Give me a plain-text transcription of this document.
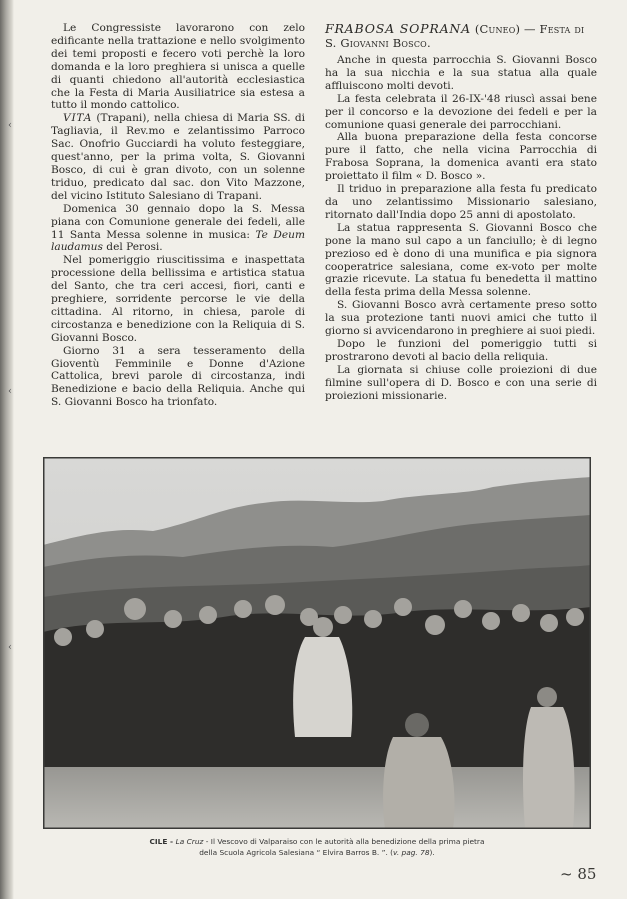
‹
‹
‹

Le Congressiste lavorarono con zelo edificante nella trattazione e nello svolgimento dei temi proposti e fecero voti perchè la loro domanda e la loro preghiera si unisca a quelle di quanti chiedono all'autorità ecclesiastica che la Festa di Maria Ausiliatrice sia estesa a tutto il mondo cattolico.

VITA (Trapani), nella chiesa di Maria SS. di Tagliavia, il Rev.mo e zelantissimo Parroco Sac. Onofrio Gucciardi ha voluto festeggiare, quest'anno, per la prima volta, S. Giovanni Bosco, di cui è gran divoto, con un solenne triduo, predicato dal sac. don Vito Mazzone, del vicino Istituto Salesiano di Trapani.

Domenica 30 gennaio dopo la S. Messa piana con Comunione generale dei fedeli, alle 11 Santa Messa solenne in musica: Te Deum laudamus del Perosi.

Nel pomeriggio riuscitissima e inaspettata processione della bellissima e artistica statua del Santo, che tra ceri accesi, fiori, canti e preghiere, sorridente percorse le vie della cittadina. Al ritorno, in chiesa, parole di circostanza e benedizione con la Reliquia di S. Giovanni Bosco.

Giorno 31 a sera tesseramento della Gioventù Femminile e Donne d'Azione Cattolica, brevi parole di circostanza, indi Benedizione e bacio della Reliquia. Anche qui S. Giovanni Bosco ha trionfato.

FRABOSA SOPRANA (Cuneo) — Festa di S. Giovanni Bosco.

Anche in questa parrocchia S. Giovanni Bosco ha la sua nicchia e la sua statua alla quale affluiscono molti devoti.

La festa celebrata il 26-IX-'48 riuscì assai bene per il concorso e la devozione dei fedeli e per la comunione quasi generale dei parrocchiani.

Alla buona preparazione della festa concorse pure il fatto, che nella vicina Parrocchia di Frabosa Soprana, la domenica avanti era stato proiettato il film « D. Bosco ».

Il triduo in preparazione alla festa fu predicato da uno zelantissimo Missionario salesiano, ritornato dall'India dopo 25 anni di apostolato.

La statua rappresenta S. Giovanni Bosco che pone la mano sul capo a un fanciullo; è di legno prezioso ed è dono di una munifica e pia signora cooperatrice salesiana, come ex-voto per molte grazie ricevute. La statua fu benedetta il mattino della festa prima della Messa solenne.

S. Giovanni Bosco avrà certamente preso sotto la sua protezione tanti nuovi amici che tutto il giorno si avvicendarono in preghiere ai suoi piedi.

Dopo le funzioni del pomeriggio tutti si prostrarono devoti al bacio della reliquia.

La giornata si chiuse colle proiezioni di due filmine sull'opera di D. Bosco e con una serie di proiezioni missionarie.

CILE - La Cruz - Il Vescovo di Valparaiso con le autorità alla benedizione della prima pietra
della Scuola Agricola Salesiana “ Elvira Barros B. ”. (v. pag. 78).
~ 85
